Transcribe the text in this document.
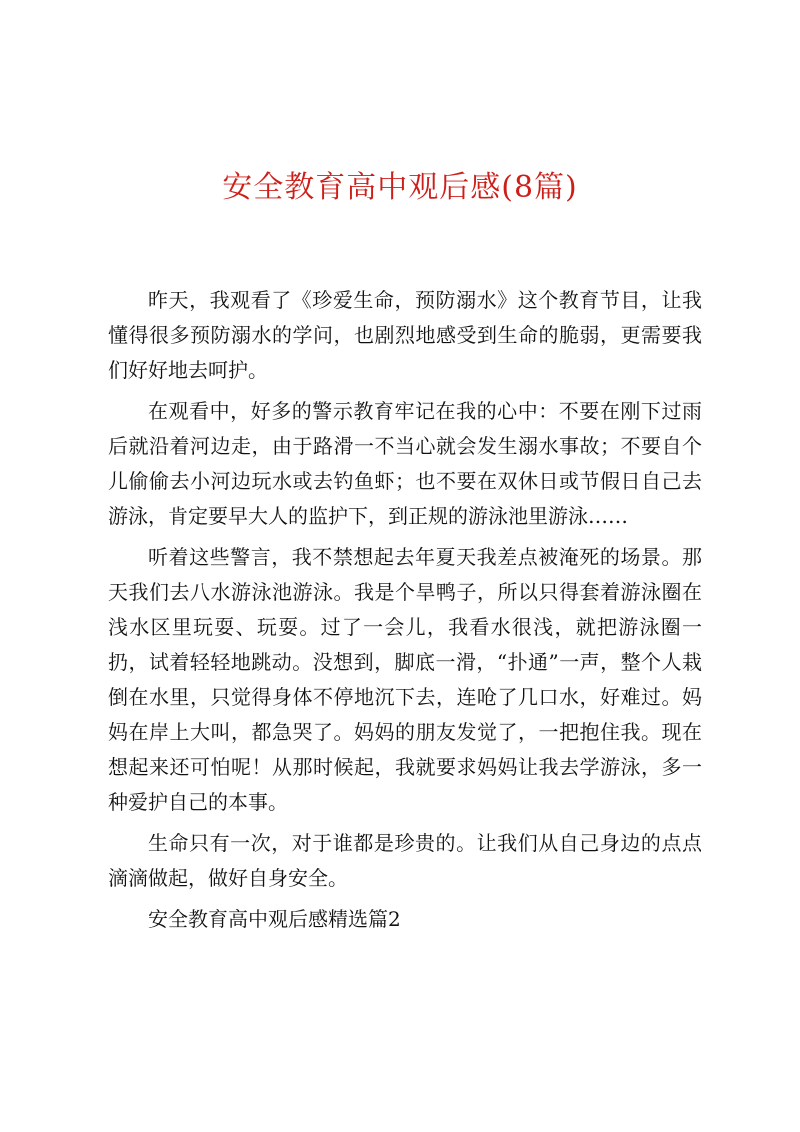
安全教育高中观后感(8篇)

昨天，我观看了《珍爱生命，预防溺水》这个教育节目，让我懂得很多预防溺水的学问，也剧烈地感受到生命的脆弱，更需要我们好好地去呵护。

在观看中，好多的警示教育牢记在我的心中：不要在刚下过雨后就沿着河边走，由于路滑一不当心就会发生溺水事故；不要自个儿偷偷去小河边玩水或去钓鱼虾；也不要在双休日或节假日自己去游泳，肯定要早大人的监护下，到正规的游泳池里游泳……

听着这些警言，我不禁想起去年夏天我差点被淹死的场景。那天我们去八水游泳池游泳。我是个旱鸭子，所以只得套着游泳圈在浅水区里玩耍、玩耍。过了一会儿，我看水很浅，就把游泳圈一扔，试着轻轻地跳动。没想到，脚底一滑，“扑通”一声，整个人栽倒在水里，只觉得身体不停地沉下去，连呛了几口水，好难过。妈妈在岸上大叫，都急哭了。妈妈的朋友发觉了，一把抱住我。现在想起来还可怕呢！从那时候起，我就要求妈妈让我去学游泳，多一种爱护自己的本事。

生命只有一次，对于谁都是珍贵的。让我们从自己身边的点点滴滴做起，做好自身安全。

安全教育高中观后感精选篇2
